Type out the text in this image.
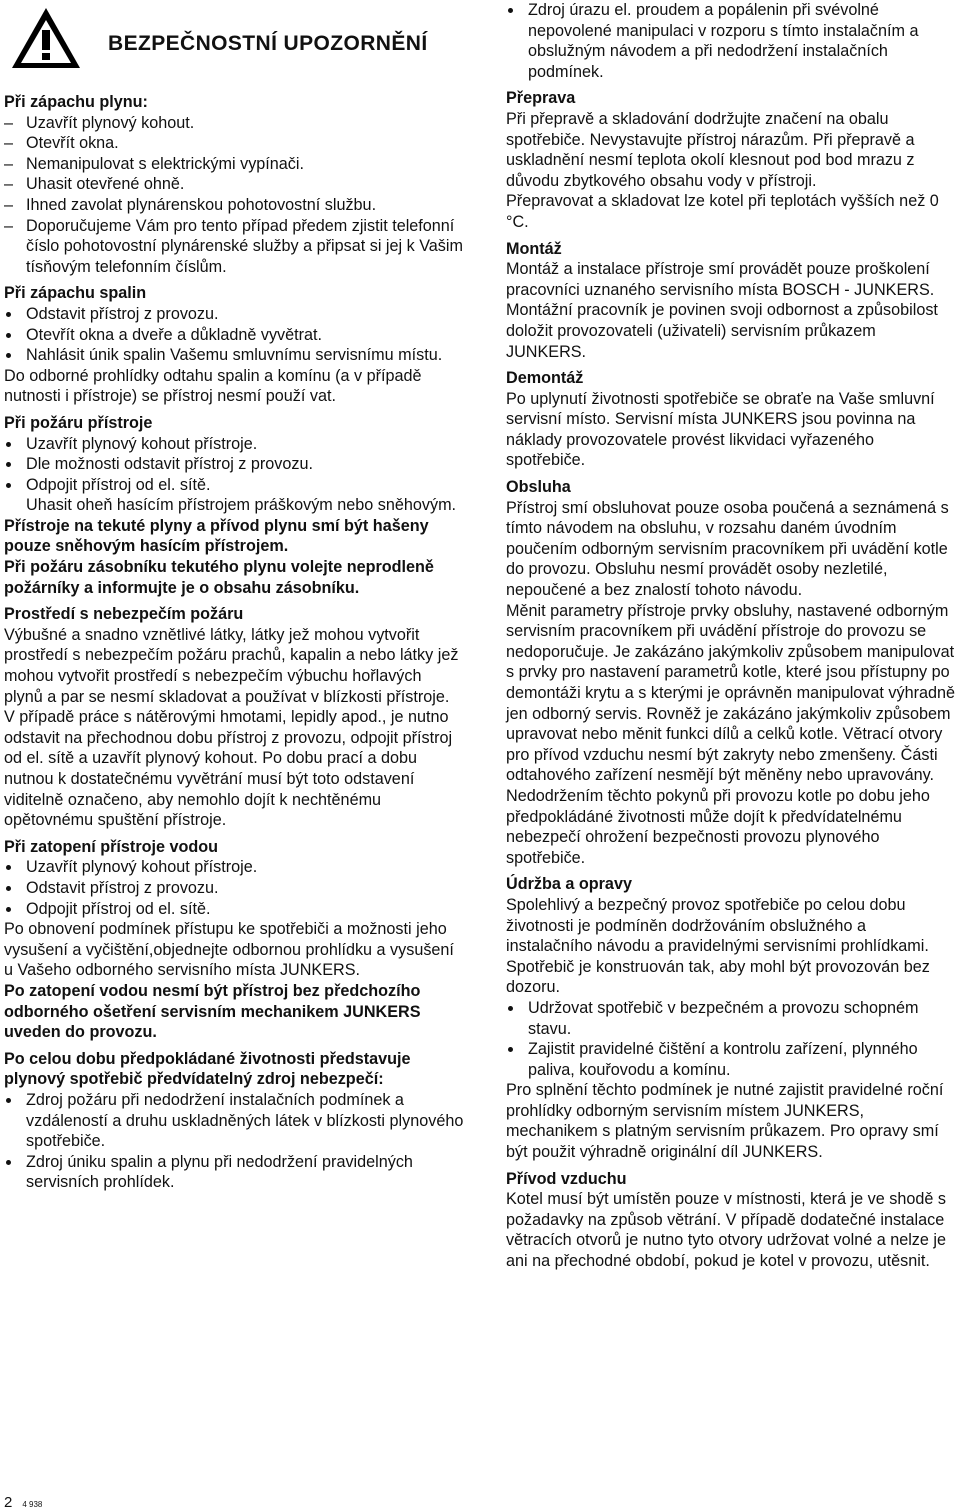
BEZPEČNOSTNÍ UPOZORNĚNÍ

Při zápachu plynu:

– Uzavřít plynový kohout.
– Otevřít okna.
– Nemanipulovat s elektrickými vypínači.
– Uhasit otevřené ohně.
– Ihned zavolat plynárenskou pohotovostní službu.
– Doporučujeme Vám pro tento případ předem zjistit telefonní číslo pohotovostní plynárenské služby a připsat si jej k Vašim tísňovým telefonním číslům.

Při zápachu spalin

Odstavit přístroj z provozu.
Otevřít okna a dveře a důkladně vyvětrat.
Nahlásit únik spalin Vašemu smluvnímu servisnímu místu.

Do odborné prohlídky odtahu spalin a komínu (a v případě nutnosti i přístroje) se přístroj nesmí použí vat.

Při požáru přístroje

Uzavřít plynový kohout přístroje.
Dle možnosti odstavit přístroj z provozu.
Odpojit přístroj od el. sítě.

Uhasit oheň hasícím přístrojem práškovým nebo sněhovým.

Přístroje na tekuté plyny a přívod plynu smí být hašeny pouze sněhovým hasícím přístrojem.

Při požáru zásobníku tekutého plynu volejte neprodleně požárníky a informujte je o obsahu zásobníku.

Prostředí s nebezpečím požáru

Výbušné a snadno vznětlivé látky, látky jež mohou vytvořit prostředí s nebezpečím požáru prachů, kapalin a nebo látky jež mohou vytvořit prostředí s nebezpečím výbuchu hořlavých plynů a par se nesmí skladovat a používat v blízkosti přístroje.

V případě práce s nátěrovými hmotami, lepidly apod., je nutno odstavit na přechodnou dobu přístroj z provozu, odpojit přístroj od el. sítě a uzavřít plynový kohout. Po dobu prací a dobu nutnou k dostatečnému vyvětrání musí být toto odstavení viditelně označeno, aby nemohlo dojít k nechtěnému opětovnému spuštění přístroje.

Při zatopení přístroje vodou

Uzavřít plynový kohout přístroje.
Odstavit přístroj z provozu.
Odpojit přístroj od el. sítě.

Po obnovení podmínek přístupu ke spotřebiči a možnosti jeho vysušení a vyčištění,objednejte odbornou prohlídku a vysušení u Vašeho odborného servisního místa JUNKERS.

Po zatopení vodou nesmí být přístroj bez předchozího odborného ošetření servisním mechanikem JUNKERS uveden do provozu.

Po celou dobu předpokládané životnosti představuje plynový spotřebič předvídatelný zdroj nebezpečí:

Zdroj požáru při nedodržení instalačních podmínek a vzdáleností a druhu uskladněných látek v blízkosti plynového spotřebiče.
Zdroj úniku spalin a plynu při nedodržení pravidelných servisních prohlídek.
Zdroj úrazu el. proudem a popálenin při svévolné nepovolené manipulaci v rozporu s tímto instalačním a obslužným návodem a při nedodržení instalačních podmínek.

Přeprava

Při přepravě a skladování dodržujte značení na obalu spotřebiče. Nevystavujte přístroj nárazům. Při přepravě a uskladnění nesmí teplota okolí klesnout pod bod mrazu z důvodu zbytkového obsahu vody v přístroji.

Přepravovat a skladovat lze kotel při teplotách vyšších než 0 °C.

Montáž

Montáž a instalace přístroje smí provádět pouze proškolení pracovníci uznaného servisního místa BOSCH - JUNKERS. Montážní pracovník je povinen svoji odbornost a způsobilost doložit provozovateli (uživateli) servisním průkazem JUNKERS.

Demontáž

Po uplynutí životnosti spotřebiče se obraťe na Vaše smluvní servisní místo. Servisní místa JUNKERS jsou povinna na náklady provozovatele provést likvidaci vyřazeného spotřebiče.

Obsluha

Přístroj smí obsluhovat pouze osoba poučená a seznámená s tímto návodem na obsluhu, v rozsahu daném úvodním poučením odborným servisním pracovníkem při uvádění kotle do provozu. Obsluhu nesmí provádět osoby nezletilé, nepoučené a bez znalostí tohoto návodu.

Měnit parametry přístroje prvky obsluhy, nastavené odborným servisním pracovníkem při uvádění přístroje do provozu se nedoporučuje. Je zakázáno jakýmkoliv způsobem manipulovat s prvky pro nastavení parametrů kotle, které jsou přístupny po demontáži krytu a s kterými je oprávněn manipulovat výhradně jen odborný servis. Rovněž je zakázáno jakýmkoliv způsobem upravovat nebo měnit funkci dílů a celků kotle. Větrací otvory pro přívod vzduchu nesmí být zakryty nebo zmenšeny. Části odtahového zařízení nesmějí být měněny nebo upravovány.

Nedodržením těchto pokynů při provozu kotle po dobu jeho předpokládáné životnosti může dojít k předvídatelnému nebezpečí ohrožení bezpečnosti provozu plynového spotřebiče.

Údržba a opravy

Spolehlivý a bezpečný provoz spotřebiče po celou dobu životnosti je podmíněn dodržováním obslužného a instalačního návodu a pravidelnými servisními prohlídkami.

Spotřebič je konstruován tak, aby mohl být provozován bez dozoru.

Udržovat spotřebič v bezpečném a provozu schopném stavu.
Zajistit pravidelné čištění a kontrolu zařízení, plynného paliva, kouřovodu a komínu.

Pro splnění těchto podmínek je nutné zajistit pravidelné roční prohlídky odborným servisním místem JUNKERS, mechanikem s platným servisním průkazem. Pro opravy smí být použit výhradně originální díl JUNKERS.

Přívod vzduchu

Kotel musí být umístěn pouze v místnosti, která je ve shodě s požadavky na způsob větrání. V případě dodatečné instalace větracích otvorů je nutno tyto otvory udržovat volné a nelze je ani na přechodné období, pokud je kotel v provozu, utěsnit.

2 4 938
